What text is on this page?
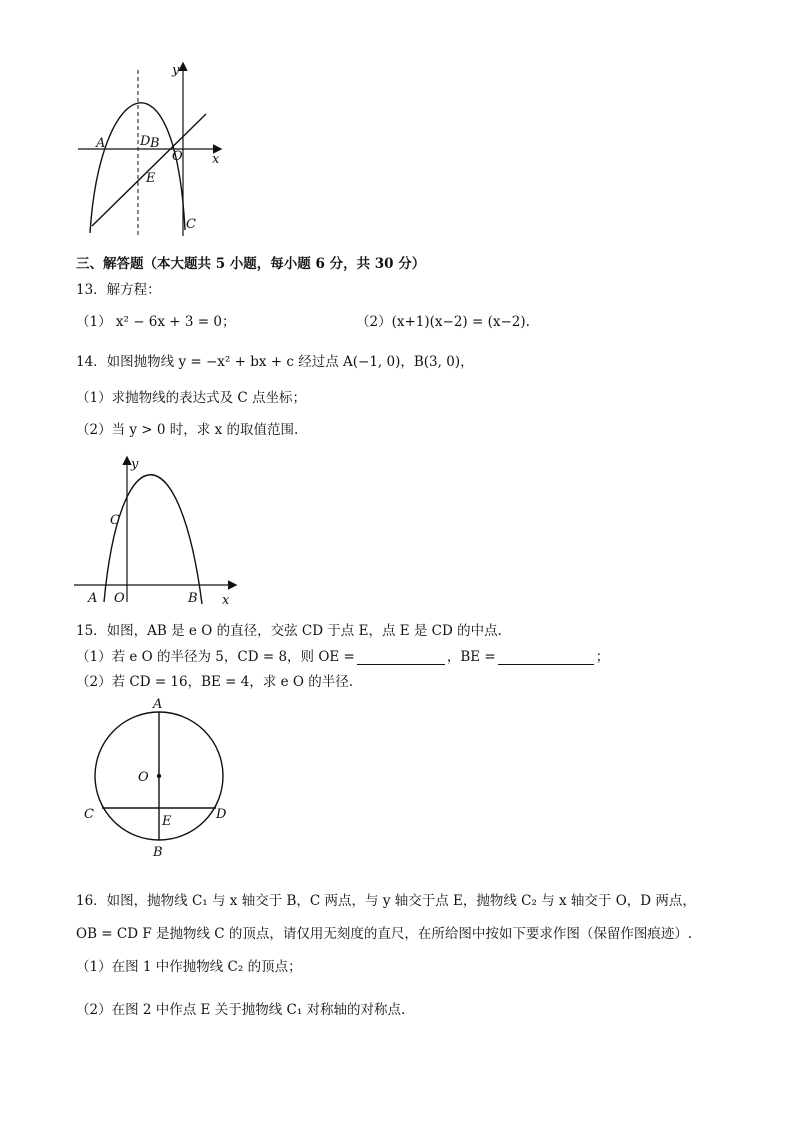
y
x
A	D B
O
E
C
三、解答题（本大题共 5 小题，每小题 6 分，共 30 分）
13．解方程：
（1） x² − 6x + 3 = 0；	（2）(x+1)(x−2) = (x−2).
14．如图抛物线 y = −x² + bx + c 经过点 A(−1, 0)，B(3, 0)，
（1）求抛物线的表达式及 C 点坐标；
（2）当 y > 0 时，求 x 的取值范围.
y
C
A O	B x
15．如图，AB 是 e O 的直径，交弦 CD 于点 E，点 E 是 CD 的中点.
（1）若 e O 的半径为 5，CD = 8，则 OE =	，BE =	；
（2）若 CD = 16，BE = 4，求 e O 的半径.
A
O
C	E	D
B
16．如图，抛物线 C₁ 与 x 轴交于 B，C 两点，与 y 轴交于点 E，抛物线 C₂ 与 x 轴交于 O，D 两点，
OB = CD F 是抛物线 C 的顶点，请仅用无刻度的直尺，在所给图中按如下要求作图（保留作图痕迹）.
（1）在图 1 中作抛物线 C₂ 的顶点；
（2）在图 2 中作点 E 关于抛物线 C₁ 对称轴的对称点.
